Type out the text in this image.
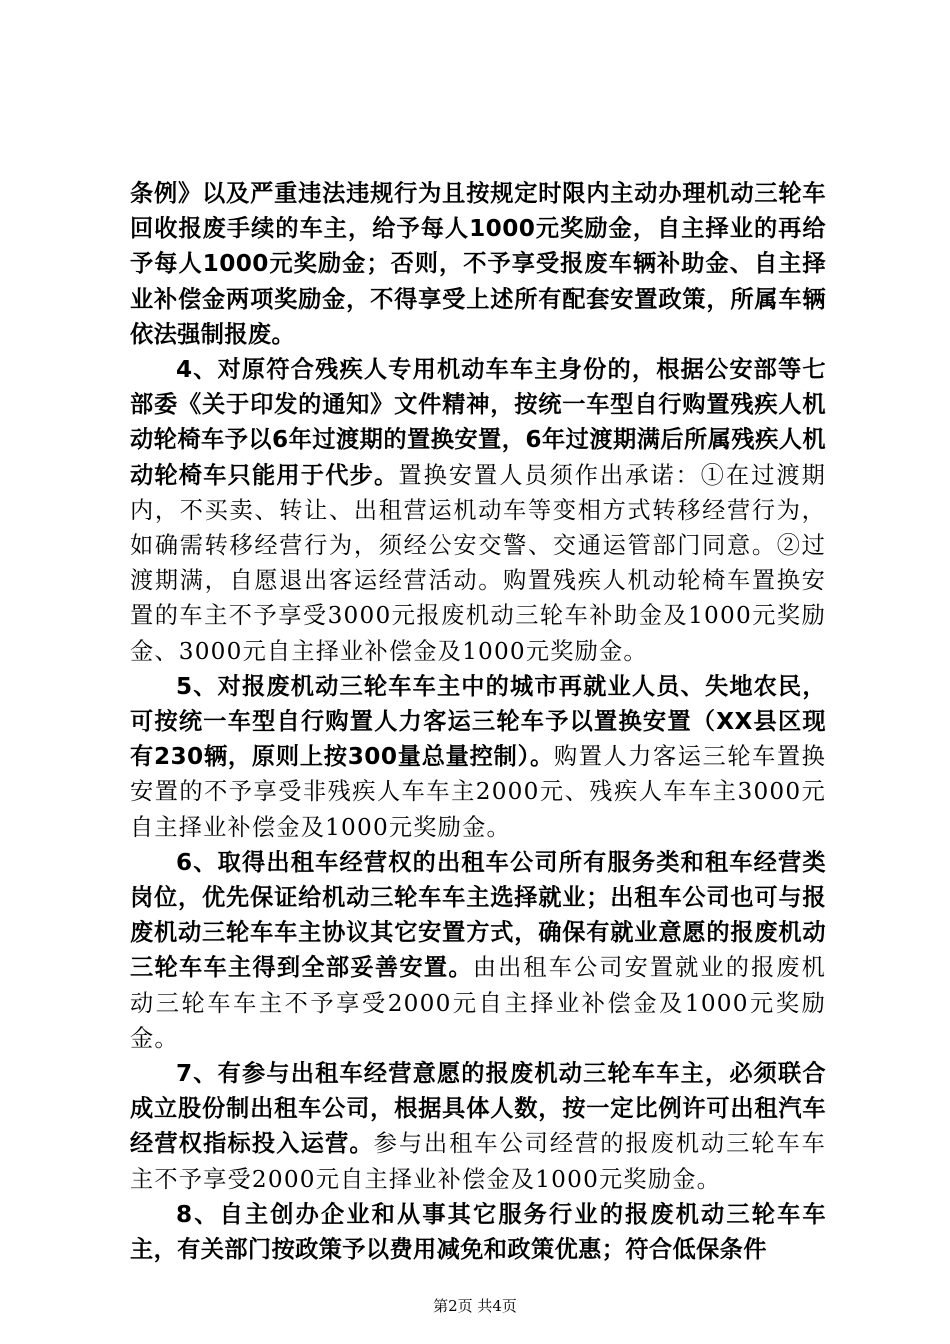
条例》以及严重违法违规行为且按规定时限内主动办理机动三轮车回收报废手续的车主，给予每人1000元奖励金，自主择业的再给予每人1000元奖励金；否则，不予享受报废车辆补助金、自主择业补偿金两项奖励金，不得享受上述所有配套安置政策，所属车辆依法强制报废。

4、对原符合残疾人专用机动车车主身份的，根据公安部等七部委《关于印发的通知》文件精神，按统一车型自行购置残疾人机动轮椅车予以6年过渡期的置换安置，6年过渡期满后所属残疾人机动轮椅车只能用于代步。置换安置人员须作出承诺：①在过渡期内，不买卖、转让、出租营运机动车等变相方式转移经营行为，如确需转移经营行为，须经公安交警、交通运管部门同意。②过渡期满，自愿退出客运经营活动。购置残疾人机动轮椅车置换安置的车主不予享受3000元报废机动三轮车补助金及1000元奖励金、3000元自主择业补偿金及1000元奖励金。

5、对报废机动三轮车车主中的城市再就业人员、失地农民，可按统一车型自行购置人力客运三轮车予以置换安置（XX县区现有230辆，原则上按300量总量控制）。购置人力客运三轮车置换安置的不予享受非残疾人车车主2000元、残疾人车车主3000元自主择业补偿金及1000元奖励金。

6、取得出租车经营权的出租车公司所有服务类和租车经营类岗位，优先保证给机动三轮车车主选择就业；出租车公司也可与报废机动三轮车车主协议其它安置方式，确保有就业意愿的报废机动三轮车车主得到全部妥善安置。由出租车公司安置就业的报废机动三轮车车主不予享受2000元自主择业补偿金及1000元奖励金。

7、有参与出租车经营意愿的报废机动三轮车车主，必须联合成立股份制出租车公司，根据具体人数，按一定比例许可出租汽车经营权指标投入运营。参与出租车公司经营的报废机动三轮车车主不予享受2000元自主择业补偿金及1000元奖励金。

8、自主创办企业和从事其它服务行业的报废机动三轮车车主，有关部门按政策予以费用减免和政策优惠；符合低保条件

第2页 共4页
